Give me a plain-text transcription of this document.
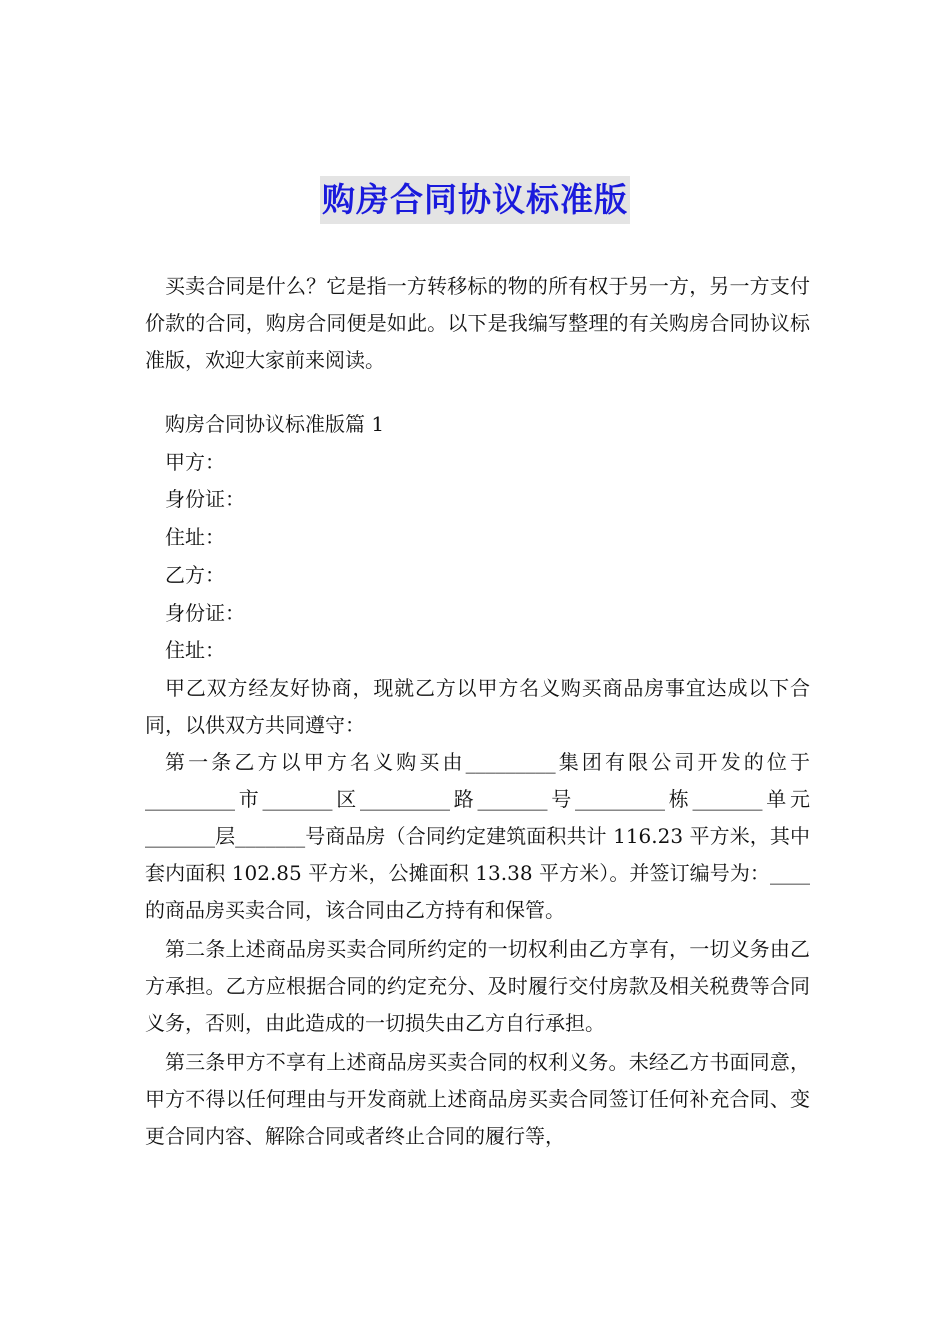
购房合同协议标准版

买卖合同是什么？它是指一方转移标的物的所有权于另一方，另一方支付价款的合同，购房合同便是如此。以下是我编写整理的有关购房合同协议标准版，欢迎大家前来阅读。

购房合同协议标准版篇 1

甲方：

身份证：

住址：

乙方：

身份证：

住址：

甲乙双方经友好协商，现就乙方以甲方名义购买商品房事宜达成以下合同，以供双方共同遵守：

第一条乙方以甲方名义购买由_________集团有限公司开发的位于_________市_______区_________路_______号_________栋_______单元_______层_______号商品房（合同约定建筑面积共计 116.23 平方米，其中套内面积 102.85 平方米，公摊面积 13.38 平方米）。并签订编号为：____的商品房买卖合同，该合同由乙方持有和保管。

第二条上述商品房买卖合同所约定的一切权利由乙方享有，一切义务由乙方承担。乙方应根据合同的约定充分、及时履行交付房款及相关税费等合同义务，否则，由此造成的一切损失由乙方自行承担。

第三条甲方不享有上述商品房买卖合同的权利义务。未经乙方书面同意，甲方不得以任何理由与开发商就上述商品房买卖合同签订任何补充合同、变更合同内容、解除合同或者终止合同的履行等，
